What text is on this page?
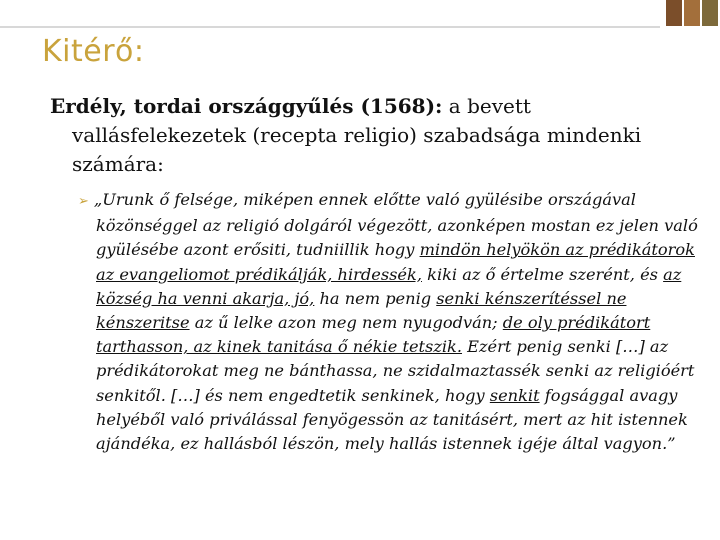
Kitérő:
Erdély, tordai országgyűlés (1568): a bevett vallásfelekezetek (recepta religio) szabadsága mindenki számára:
➢ „Urunk ő felsége, miképen ennek előtte való gyülésibe országával közönséggel az religió dolgáról végezött, azonképen mostan ez jelen való gyülésébe azont erősiti, tudniillik hogy mindön helyökön az prédikátorok az evangeliomot prédikálják, hirdessék, kiki az ő értelme szerént, és az község ha venni akarja, jó, ha nem penig senki kénszerítéssel ne kénszeritse az ű lelke azon meg nem nyugodván; de oly prédikátort tarthasson, az kinek tanitása ő nékie tetszik. Ezért penig senki […] az prédikátorokat meg ne bánthassa, ne szidalmaztassék senki az religióért senkitől. […] és nem engedtetik senkinek, hogy senkit fogsággal avagy helyéből való priválással fenyögessön az tanitásért, mert az hit istennek ajándéka, ez hallásból lészön, mely hallás istennek igéje által vagyon.”
